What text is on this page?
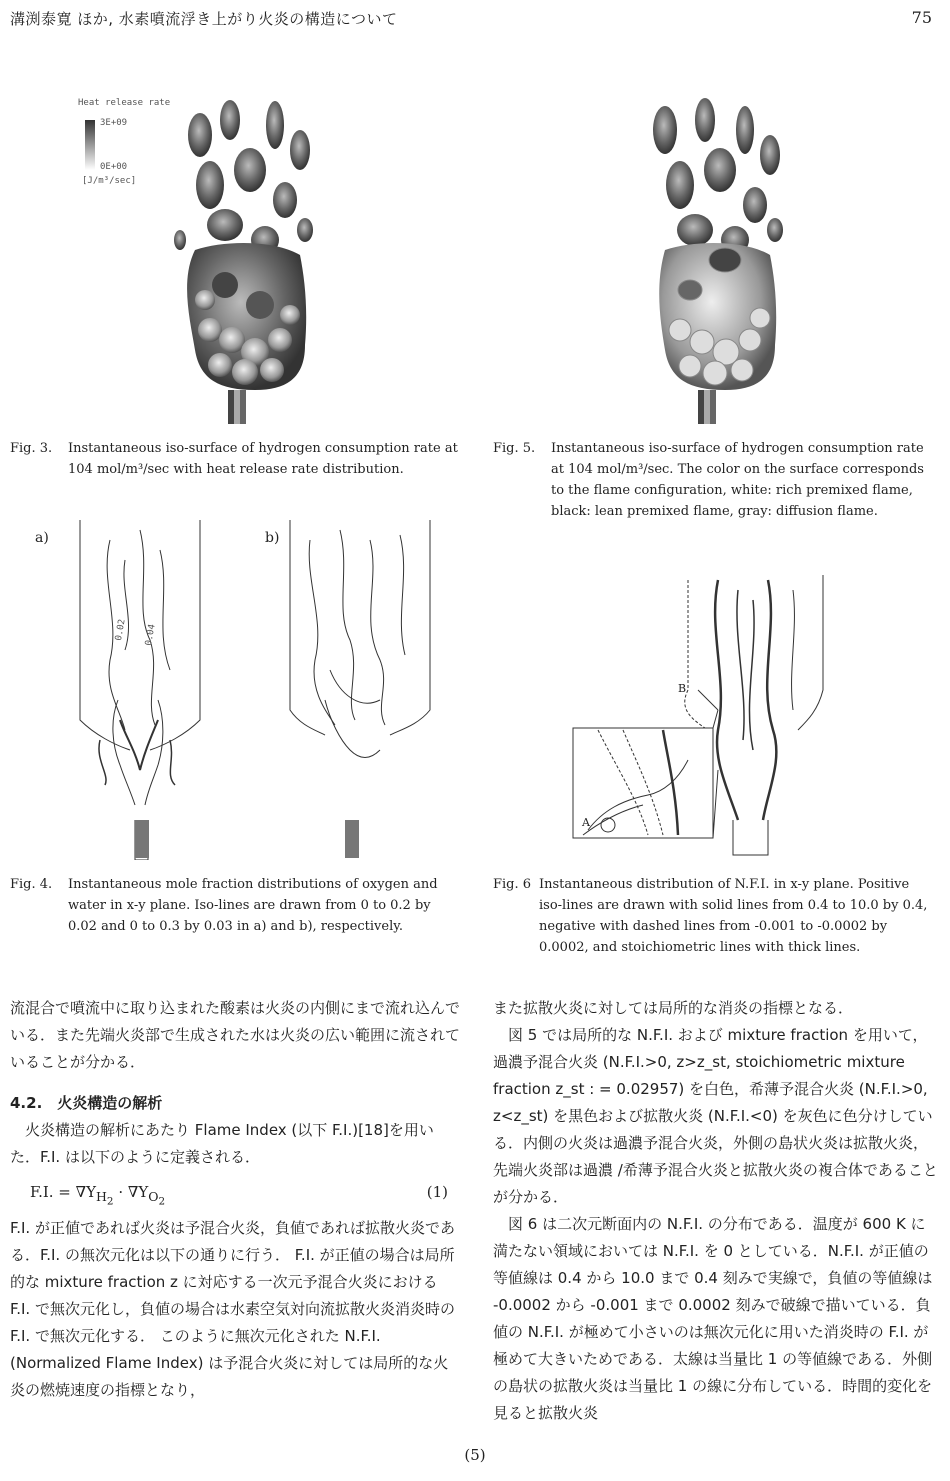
溝渕泰寛 ほか, 水素噴流浮き上がり火炎の構造について	75
Heat release rate
3E+09
0E+00
[J/m³/sec]
Fig. 3. Instantaneous iso-surface of hydrogen consumption rate at 104 mol/m³/sec with heat release rate distribution.
Fig. 5. Instantaneous iso-surface of hydrogen consumption rate at 104 mol/m³/sec. The color on the surface corresponds to the flame configuration, white: rich premixed flame, black: lean premixed flame, gray: diffusion flame.
a)	b)
0.02 0.04
Fig. 4. Instantaneous mole fraction distributions of oxygen and water in x-y plane. Iso-lines are drawn from 0 to 0.2 by 0.02 and 0 to 0.3 by 0.03 in a) and b), respectively.
B
A
Fig. 6 Instantaneous distribution of N.F.I. in x-y plane. Positive iso-lines are drawn with solid lines from 0.4 to 10.0 by 0.4, negative with dashed lines from -0.001 to -0.0002 by 0.0002, and stoichiometric lines with thick lines.

流混合で噴流中に取り込まれた酸素は火炎の内側にまで流れ込んでいる．また先端火炎部で生成された水は火炎の広い範囲に流されていることが分かる．

4.2.　火炎構造の解析

　火炎構造の解析にあたり Flame Index (以下 F.I.)[18]を用いた．F.I. は以下のように定義される．

F.I. = $\nabla Y_{H_2} \cdot \nabla Y_{O_2}$
(1)

F.I. が正値であれば火炎は予混合火炎，負値であれば拡散火炎である．F.I. の無次元化は以下の通りに行う． F.I. が正値の場合は局所的な mixture fraction z に対応する一次元予混合火炎における F.I. で無次元化し，負値の場合は水素空気対向流拡散火炎消炎時の F.I. で無次元化する． このように無次元化された N.F.I. (Normalized Flame Index) は予混合火炎に対しては局所的な火炎の燃焼速度の指標となり，

また拡散火炎に対しては局所的な消炎の指標となる．

　図 5 では局所的な N.F.I. および mixture fraction を用いて，過濃予混合火炎 (N.F.I.>0, z>z_st, stoichiometric mixture fraction z_st : = 0.02957) を白色，希薄予混合火炎 (N.F.I.>0, z<z_st) を黒色および拡散火炎 (N.F.I.<0) を灰色に色分けしている．内側の火炎は過濃予混合火炎，外側の島状火炎は拡散火炎，先端火炎部は過濃 /希薄予混合火炎と拡散火炎の複合体であることが分かる．

　図 6 は二次元断面内の N.F.I. の分布である．温度が 600 K に満たない領域においては N.F.I. を 0 としている．N.F.I. が正値の等値線は 0.4 から 10.0 まで 0.4 刻みで実線で，負値の等値線は -0.0002 から -0.001 まで 0.0002 刻みで破線で描いている．負値の N.F.I. が極めて小さいのは無次元化に用いた消炎時の F.I. が極めて大きいためである．太線は当量比 1 の等値線である．外側の島状の拡散火炎は当量比 1 の線に分布している．時間的変化を見ると拡散火炎

(5)
